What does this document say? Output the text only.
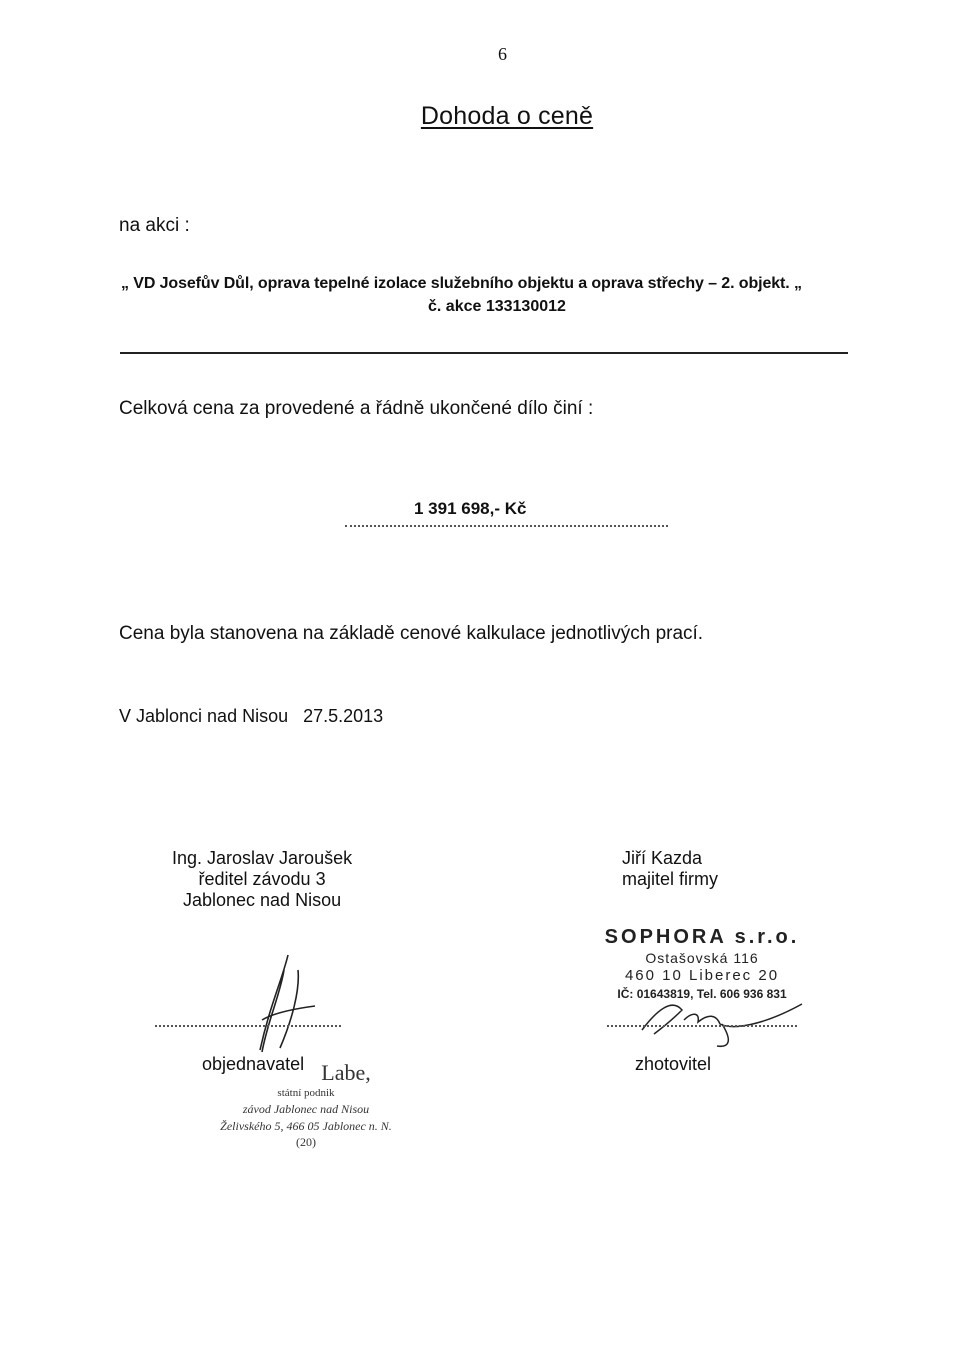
6
Dohoda o ceně
na akci :
„ VD Josefův Důl, oprava tepelné izolace služebního objektu a oprava střechy – 2. objekt. „
č. akce 133130012
Celková cena za provedené a řádně ukončené dílo činí :
1 391 698,- Kč
Cena byla stanovena na základě cenové kalkulace jednotlivých prací.
V Jablonci nad Nisou   27.5.2013
Ing. Jaroslav Jaroušek
ředitel závodu 3
Jablonec nad Nisou
Jiří Kazda
majitel firmy
SOPHORA s.r.o.
Ostašovská 116
460 10 Liberec 20
IČ: 01643819, Tel. 606 936 831
objednavatel	zhotovitel
Labe,
státní podnik
závod Jablonec nad Nisou
Želivského 5, 466 05 Jablonec n. N.
(20)
